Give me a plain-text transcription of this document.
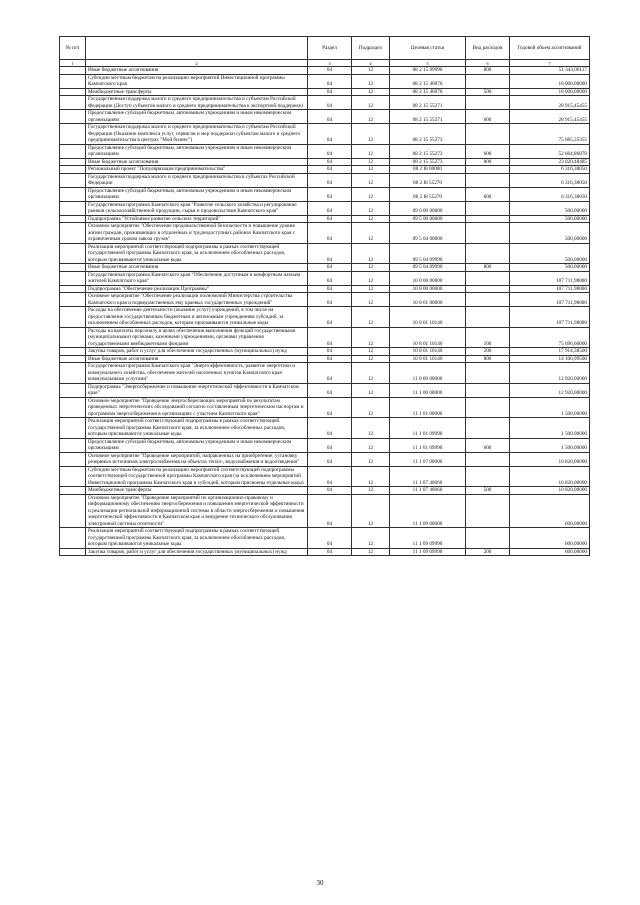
№ п/п		Раздел	Подраздел	Целевая статья	Вид расходов	Годовой объем ассигнований
1	2	3	4	5	6	7
	Иные бюджетные ассигнования	04	12	08 2 15 09990	800	51 343,06117
	Субсидии местным бюджетам на реализацию мероприятий Инвестиционной программы Камчатского края	04	12	08 2 15 40070		18 000,00000
	Межбюджетные трансферты	04	12	08 2 15 40070	500	18 000,00000
	Государственная поддержка малого и среднего предпринимательства и субъектам Российской Федерации (Доступ субъектов малого и среднего предпринимательства к экспортной поддержке)	04	12	08 2 15 55271		28 915,45455
	Предоставление субсидий бюджетным, автономным учреждениям и иным некоммерческим организациям	04	12	08 2 15 55271	600	28 915,45455
	Государственная поддержка малого и среднего предпринимательства и субъектам Российской Федерации (Оказание комплекса услуг, сервисов и мер поддержки субъектам малого и среднего предпринимательства в центрах "Мой бизнес")	04	12	08 2 15 55273		75 685,35355
	Предоставление субсидий бюджетным, автономным учреждениям и иным некоммерческим организациям	04	12	08 2 15 55273	600	52 664,86870
	Иные бюджетные ассигнования	04	12	08 2 15 55273	800	23 020,48485
	Региональный проект "Популяризация предпринимательства"	04	12	08 2 I8 00000		6 316,38050
	Государственная поддержка малого и среднего предпринимательства в субъектах Российской Федерации	04	12	08 2 I8 55270		6 316,38050
	Предоставление субсидий бюджетным, автономным учреждениям и иным некоммерческим организациям	04	12	08 2 I8 55270	600	6 316,38050
	Государственная программа Камчатского края "Развитие сельского хозяйства и регулирование рынков сельскохозяйственной продукции, сырья и продовольствия Камчатского края"	04	12	09 0 00 00000		500,00000
	Подпрограмма "Устойчивое развитие сельских территорий"	04	12	09 5 00 00000		500,00000
	Основное мероприятие "Обеспечение продовольственной безопасности и повышение уровня жизни граждан, проживающих в отдаленных и труднодоступных районах Камчатского края с ограниченным сроком завоза грузов"	04	12	09 5 04 00000		500,00000
	Реализация мероприятий соответствующей подпрограммы в рамках соответствующей государственной программы Камчатского края, за исключением обособленных расходов, которым присваиваются уникальные коды	04	12	09 5 04 09990		500,00000
	Иные бюджетные ассигнования	04	12	09 5 04 09990	800	500,00000
	Государственная программа Камчатского края "Обеспечение доступным и комфортным жильем жителей Камчатского края"	04	12	10 0 00 00000		107 711,98000
	Подпрограмма "Обеспечение реализации Программы"	04	12	10 8 00 00000		107 711,98000
	Основное мероприятие "Обеспечение реализации полномочий Министерства строительства Камчатского края и подведомственных ему краевых государственных учреждений"	04	12	10 8 01 00000		107 711,98000
	Расходы на обеспечение деятельности (оказание услуг) учреждений, в том числе на предоставление государственным бюджетным и автономным учреждениям субсидий, за исключением обособленных расходов, которым присваиваются уникальные коды	04	12	10 8 01 10140		107 711,98000
	Расходы на выплаты персоналу в целях обеспечения выполнения функций государственными (муниципальными) органами, казенными учреждениями, органами управления государственными внебюджетными фондами	04	12	10 8 01 10140	100	75 696,60000
	Закупка товаров, работ и услуг для обеспечения государственных (муниципальных) нужд	04	12	10 8 01 10140	200	17 914,38500
	Иные бюджетные ассигнования	04	12	10 8 01 10140	800	14 100,99500
	Государственная программа Камчатского края "Энергоэффективность, развитие энергетики и коммунального хозяйства, обеспечение жителей населенных пунктов Камчатского края коммунальными услугами"	04	12	11 0 00 00000		12 920,00000
	Подпрограмма "Энергосбережение и повышение энергетической эффективности в Камчатском крае"	04	12	11 1 00 00000		12 920,00000
	Основное мероприятие "Проведение энергосберегающих мероприятий по результатам проведенных энергетических обследований согласно составленным энергетическим паспортам и программам энергосбережения в организациях с участием Камчатского края"	04	12	11 1 01 00000		1 500,00000
	Реализация мероприятий соответствующей подпрограммы в рамках соответствующей государственной программы Камчатского края, за исключением обособленных расходов, которым присваиваются уникальные коды	04	12	11 1 01 09990		1 500,00000
	Предоставление субсидий бюджетным, автономным учреждениям и иным некоммерческим организациям	04	12	11 1 01 09990	600	1 500,00000
	Основное мероприятие "Проведение мероприятий, направленных на приобретение, установку резервных источников электроснабжения на объектах тепло-, водоснабжения и водоотведения"	04	12	11 1 07 00000		10 820,00000
	Субсидии местным бюджетам на реализацию мероприятий соответствующей подпрограммы соответствующей государственной программы Камчатского края (за исключением мероприятий Инвестиционной программы Камчатского края и субсидий, которым присвоены отдельные коды)	04	12	11 1 07 40060		10 820,00000
	Межбюджетные трансферты	04	12	11 1 07 40060	500	10 820,00000
	Основное мероприятие "Проведение мероприятий по организационно-правовому и информационному обеспечению энергосбережения и повышения энергетической эффективности и реализации региональной информационной системы в области энергосбережения и повышения энергетической эффективности в Камчатском крае и внедрение технического обслуживания электронной системы отчетности"	04	12	11 1 09 00000		600,00000
	Реализация мероприятий соответствующей подпрограммы в рамках соответствующей государственной программы Камчатского края, за исключением обособленных расходов, которым присваиваются уникальные коды	04	12	11 1 09 09990		600,00000
	Закупка товаров, работ и услуг для обеспечения государственных (муниципальных) нужд	04	12	11 1 09 09990	200	600,00000
30
